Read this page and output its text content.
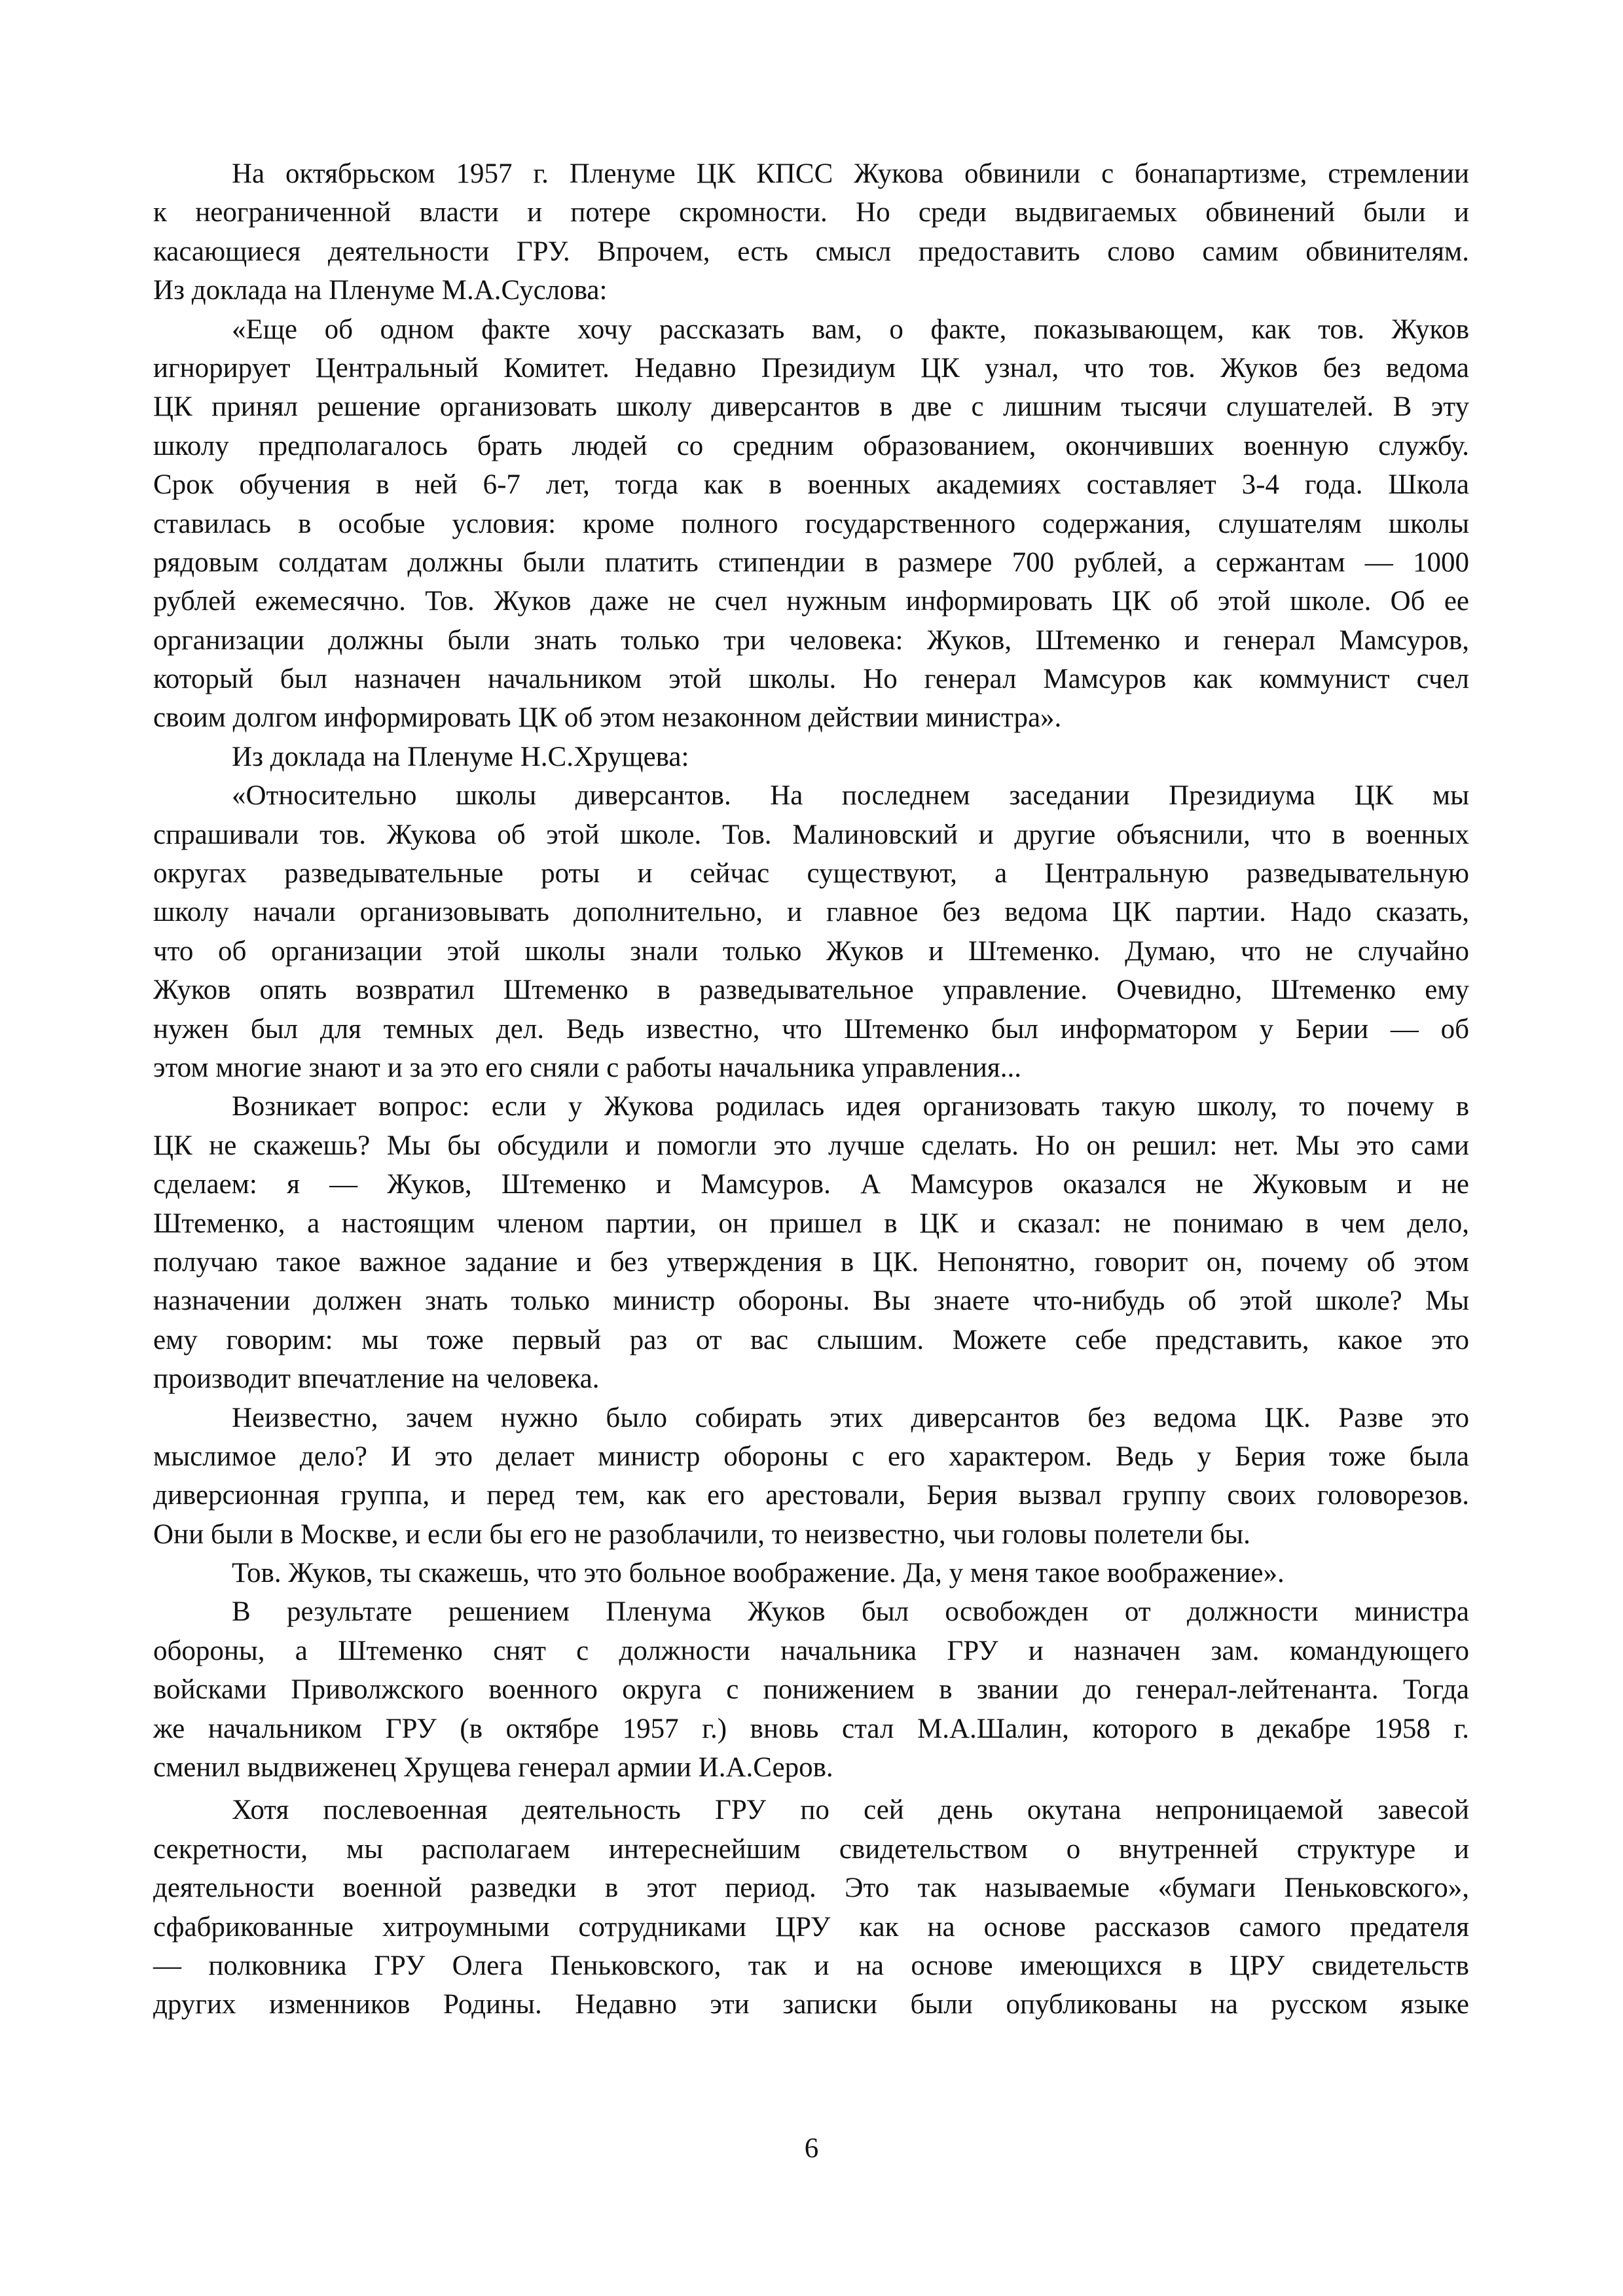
На октябрьском 1957 г. Пленуме ЦК КПСС Жукова обвинили с бонапартизме, стремлении
к неограниченной власти и потере скромности. Но среди выдвигаемых обвинений были и
касающиеся деятельности ГРУ. Впрочем, есть смысл предоставить слово самим обвинителям.
Из доклада на Пленуме М.А.Суслова:
«Еще об одном факте хочу рассказать вам, о факте, показывающем, как тов. Жуков
игнорирует Центральный Комитет. Недавно Президиум ЦК узнал, что тов. Жуков без ведома
ЦК принял решение организовать школу диверсантов в две с лишним тысячи слушателей. В эту
школу предполагалось брать людей со средним образованием, окончивших военную службу.
Срок обучения в ней 6-7 лет, тогда как в военных академиях составляет 3-4 года. Школа
ставилась в особые условия: кроме полного государственного содержания, слушателям школы
рядовым солдатам должны были платить стипендии в размере 700 рублей, а сержантам — 1000
рублей ежемесячно. Тов. Жуков даже не счел нужным информировать ЦК об этой школе. Об ее
организации должны были знать только три человека: Жуков, Штеменко и генерал Мамсуров,
который был назначен начальником этой школы. Но генерал Мамсуров как коммунист счел
своим долгом информировать ЦК об этом незаконном действии министра».
Из доклада на Пленуме Н.С.Хрущева:
«Относительно школы диверсантов. На последнем заседании Президиума ЦК мы
спрашивали тов. Жукова об этой школе. Тов. Малиновский и другие объяснили, что в военных
округах разведывательные роты и сейчас существуют, а Центральную разведывательную
школу начали организовывать дополнительно, и главное без ведома ЦК партии. Надо сказать,
что об организации этой школы знали только Жуков и Штеменко. Думаю, что не случайно
Жуков опять возвратил Штеменко в разведывательное управление. Очевидно, Штеменко ему
нужен был для темных дел. Ведь известно, что Штеменко был информатором у Берии — об
этом многие знают и за это его сняли с работы начальника управления...
Возникает вопрос: если у Жукова родилась идея организовать такую школу, то почему в
ЦК не скажешь? Мы бы обсудили и помогли это лучше сделать. Но он решил: нет. Мы это сами
сделаем: я — Жуков, Штеменко и Мамсуров. А Мамсуров оказался не Жуковым и не
Штеменко, а настоящим членом партии, он пришел в ЦК и сказал: не понимаю в чем дело,
получаю такое важное задание и без утверждения в ЦК. Непонятно, говорит он, почему об этом
назначении должен знать только министр обороны. Вы знаете что-нибудь об этой школе? Мы
ему говорим: мы тоже первый раз от вас слышим. Можете себе представить, какое это
производит впечатление на человека.
Неизвестно, зачем нужно было собирать этих диверсантов без ведома ЦК. Разве это
мыслимое дело? И это делает министр обороны с его характером. Ведь у Берия тоже была
диверсионная группа, и перед тем, как его арестовали, Берия вызвал группу своих головорезов.
Они были в Москве, и если бы его не разоблачили, то неизвестно, чьи головы полетели бы.
Тов. Жуков, ты скажешь, что это больное воображение. Да, у меня такое воображение».
В результате решением Пленума Жуков был освобожден от должности министра
обороны, а Штеменко снят с должности начальника ГРУ и назначен зам. командующего
войсками Приволжского военного округа с понижением в звании до генерал-лейтенанта. Тогда
же начальником ГРУ (в октябре 1957 г.) вновь стал М.А.Шалин, которого в декабре 1958 г.
сменил выдвиженец Хрущева генерал армии И.А.Серов.
Хотя послевоенная деятельность ГРУ по сей день окутана непроницаемой завесой
секретности, мы располагаем интереснейшим свидетельством о внутренней структуре и
деятельности военной разведки в этот период. Это так называемые «бумаги Пеньковского»,
сфабрикованные хитроумными сотрудниками ЦРУ как на основе рассказов самого предателя
— полковника ГРУ Олега Пеньковского, так и на основе имеющихся в ЦРУ свидетельств
других изменников Родины. Недавно эти записки были опубликованы на русском языке
6
